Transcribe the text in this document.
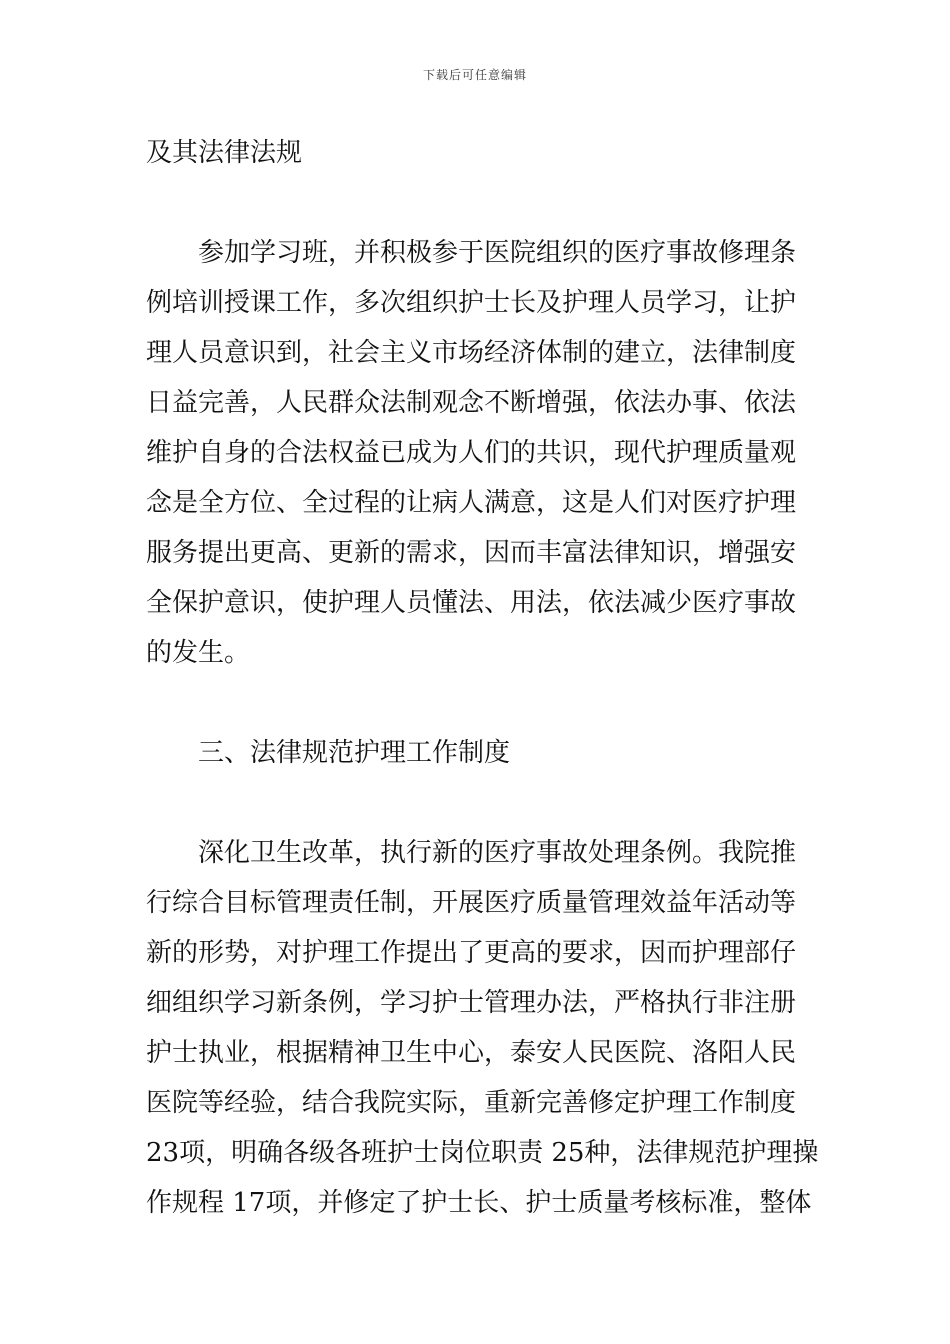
下载后可任意编辑
及其法律法规
参加学习班，并积极参于医院组织的医疗事故修理条
例培训授课工作，多次组织护士长及护理人员学习，让护
理人员意识到，社会主义市场经济体制的建立，法律制度
日益完善，人民群众法制观念不断增强，依法办事、依法
维护自身的合法权益已成为人们的共识，现代护理质量观
念是全方位、全过程的让病人满意，这是人们对医疗护理
服务提出更高、更新的需求，因而丰富法律知识，增强安
全保护意识，使护理人员懂法、用法，依法减少医疗事故
的发生。
三、法律规范护理工作制度
深化卫生改革，执行新的医疗事故处理条例。我院推
行综合目标管理责任制，开展医疗质量管理效益年活动等
新的形势，对护理工作提出了更高的要求，因而护理部仔
细组织学习新条例，学习护士管理办法，严格执行非注册
护士执业，根据精神卫生中心，泰安人民医院、洛阳人民
医院等经验，结合我院实际，重新完善修定护理工作制度
23项，明确各级各班护士岗位职责 25种，法律规范护理操
作规程 17项，并修定了护士长、护士质量考核标准，整体
